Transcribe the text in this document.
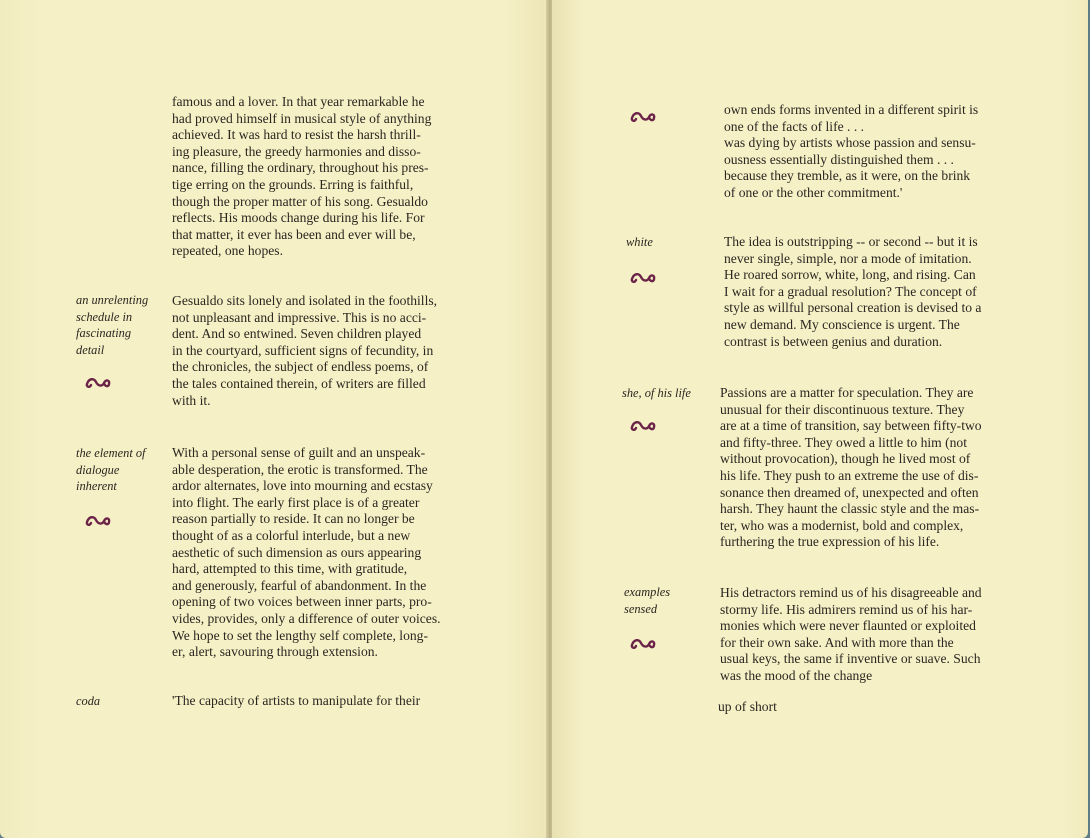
famous and a lover. In that year remarkable he
had proved himself in musical style of anything
achieved. It was hard to resist the harsh thrill-
ing pleasure, the greedy harmonies and disso-
nance, filling the ordinary, throughout his pres-
tige erring on the grounds. Erring is faithful,
though the proper matter of his song. Gesualdo
reflects. His moods change during his life. For
that matter, it ever has been and ever will be,
repeated, one hopes.

an unrelenting
schedule in
fascinating
detail

Gesualdo sits lonely and isolated in the foothills,
not unpleasant and impressive. This is no acci-
dent. And so entwined. Seven children played
in the courtyard, sufficient signs of fecundity, in
the chronicles, the subject of endless poems, of
the tales contained therein, of writers are filled
with it.

the element of
dialogue
inherent

With a personal sense of guilt and an unspeak-
able desperation, the erotic is transformed. The
ardor alternates, love into mourning and ecstasy
into flight. The early first place is of a greater
reason partially to reside. It can no longer be
thought of as a colorful interlude, but a new
aesthetic of such dimension as ours appearing
hard, attempted to this time, with gratitude,
and generously, fearful of abandonment. In the
opening of two voices between inner parts, pro-
vides, provides, only a difference of outer voices.
We hope to set the lengthy self complete, long-
er, alert, savouring through extension.

coda	'The capacity of artists to manipulate for their

own ends forms invented in a different spirit is
one of the facts of life . . .
was dying by artists whose passion and sensu-
ousness essentially distinguished them . . .
because they tremble, as it were, on the brink
of one or the other commitment.'

white	The idea is outstripping -- or second -- but it is
never single, simple, nor a mode of imitation.
He roared sorrow, white, long, and rising. Can
I wait for a gradual resolution? The concept of
style as willful personal creation is devised to a
new demand. My conscience is urgent. The
contrast is between genius and duration.

she, of his life Passions are a matter for speculation. They are
unusual for their discontinuous texture. They
are at a time of transition, say between fifty-two
and fifty-three. They owed a little to him (not
without provocation), though he lived most of
his life. They push to an extreme the use of dis-
sonance then dreamed of, unexpected and often
harsh. They haunt the classic style and the mas-
ter, who was a modernist, bold and complex,
furthering the true expression of his life.

examples
sensed

His detractors remind us of his disagreeable and
stormy life. His admirers remind us of his har-
monies which were never flaunted or exploited
for their own sake. And with more than the
usual keys, the same if inventive or suave. Such
was the mood of the change

up of short
